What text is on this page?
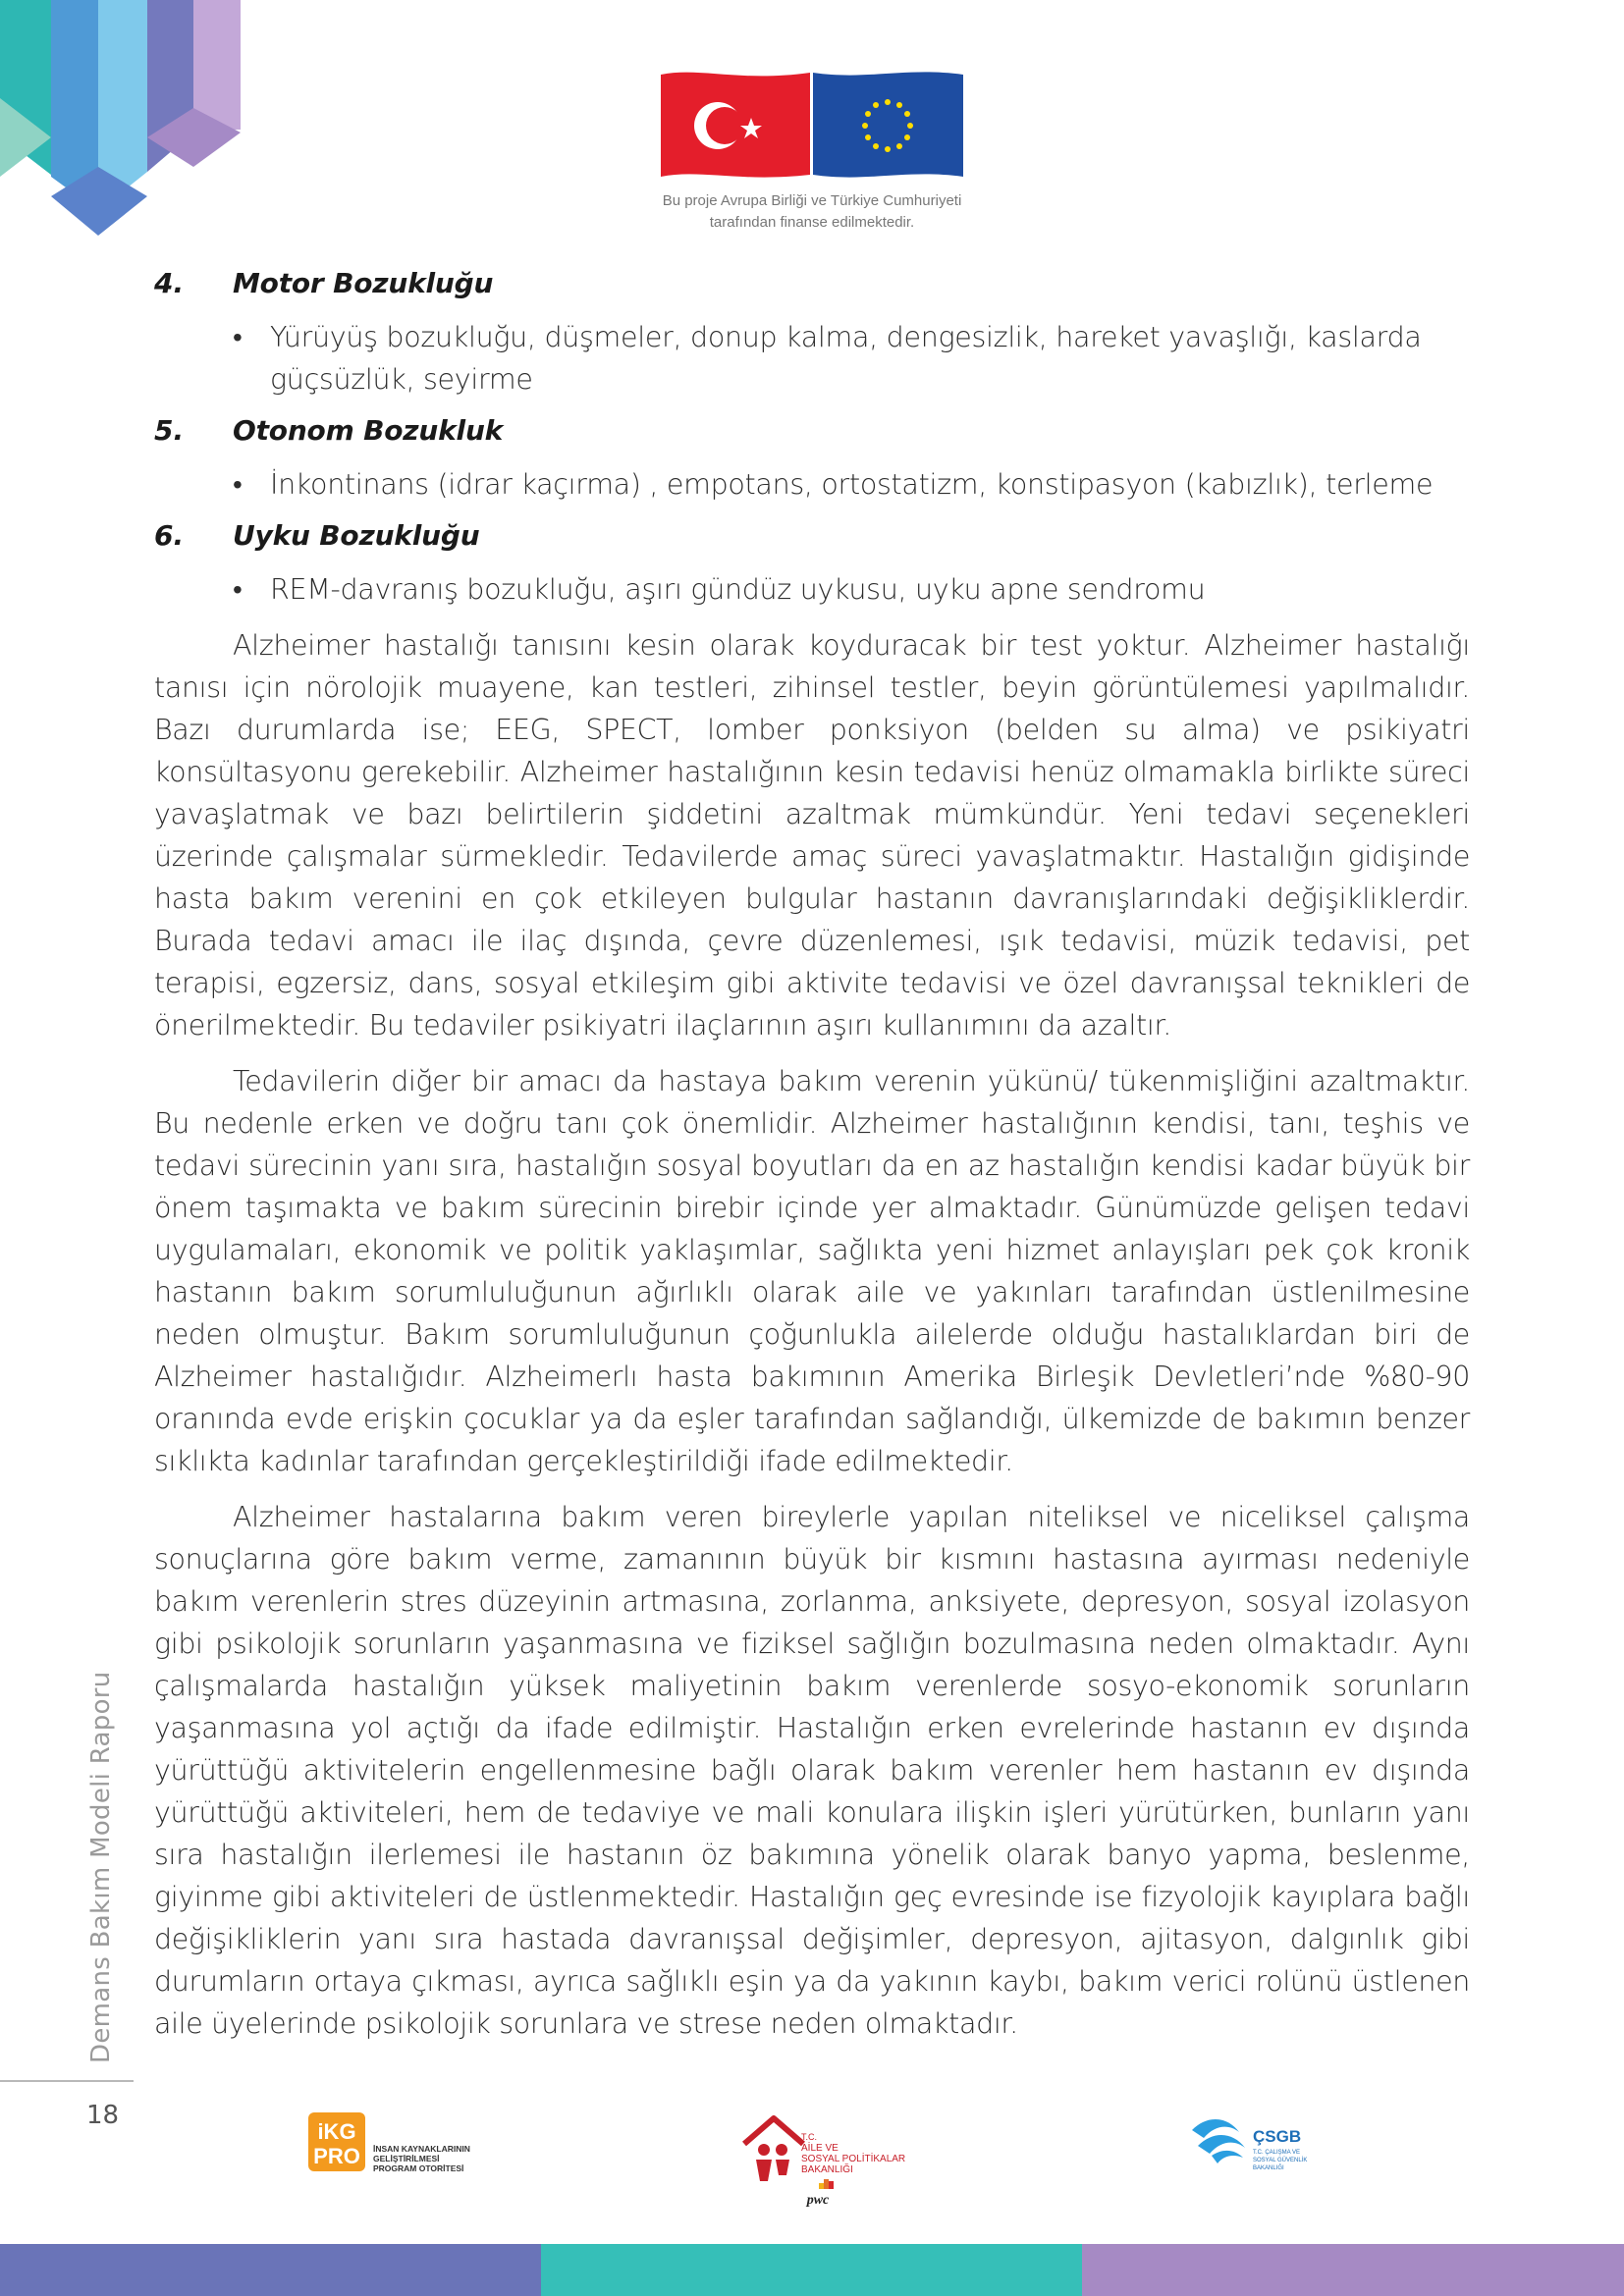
Bu proje Avrupa Birliği ve Türkiye Cumhuriyeti
tarafından finanse edilmektedir.
4.	Motor Bozukluğu
• Yürüyüş bozukluğu, düşmeler, donup kalma, dengesizlik, hareket yavaşlığı, kaslarda güçsüzlük, seyirme
5.	Otonom Bozukluk
• İnkontinans (idrar kaçırma) , empotans, ortostatizm, konstipasyon (kabızlık), terleme
6.	Uyku Bozukluğu
• REM-davranış bozukluğu, aşırı gündüz uykusu, uyku apne sendromu

Alzheimer hastalığı tanısını kesin olarak koyduracak bir test yoktur. Alzheimer hastalığı tanısı için nörolojik muayene, kan testleri, zihinsel testler, beyin görüntülemesi yapılmalıdır. Bazı durumlarda ise; EEG, SPECT, lomber ponksiyon (belden su alma) ve psikiyatri konsültasyonu gerekebilir. Alzheimer hastalığının kesin tedavisi henüz olmamakla birlikte süreci yavaşlatmak ve bazı belirtilerin şiddetini azaltmak mümkündür. Yeni tedavi seçenekleri üzerinde çalışmalar sürmekledir. Tedavilerde amaç süreci yavaşlatmaktır. Hastalığın gidişinde hasta bakım verenini en çok etkileyen bulgular hastanın davranışlarındaki değişikliklerdir. Burada tedavi amacı ile ilaç dışında, çevre düzenlemesi, ışık tedavisi, müzik tedavisi, pet terapisi, egzersiz, dans, sosyal etkileşim gibi aktivite tedavisi ve özel davranışsal teknikleri de önerilmektedir. Bu tedaviler psikiyatri ilaçlarının aşırı kullanımını da azaltır.

Tedavilerin diğer bir amacı da hastaya bakım verenin yükünü/ tükenmişliğini azaltmaktır. Bu nedenle erken ve doğru tanı çok önemlidir. Alzheimer hastalığının kendisi, tanı, teşhis ve tedavi sürecinin yanı sıra, hastalığın sosyal boyutları da en az hastalığın kendisi kadar büyük bir önem taşımakta ve bakım sürecinin birebir içinde yer almaktadır. Günümüzde gelişen tedavi uygulamaları, ekonomik ve politik yaklaşımlar, sağlıkta yeni hizmet anlayışları pek çok kronik hastanın bakım sorumluluğunun ağırlıklı olarak aile ve yakınları tarafından üstlenilmesine neden olmuştur. Bakım sorumluluğunun çoğunlukla ailelerde olduğu hastalıklardan biri de Alzheimer hastalığıdır. Alzheimerlı hasta bakımının Amerika Birleşik Devletleri’nde %80-90 oranında evde erişkin çocuklar ya da eşler tarafından sağlandığı, ülkemizde de bakımın benzer sıklıkta kadınlar tarafından gerçekleştirildiği ifade edilmektedir.

Alzheimer hastalarına bakım veren bireylerle yapılan niteliksel ve niceliksel çalışma sonuçlarına göre bakım verme, zamanının büyük bir kısmını hastasına ayırması nedeniyle bakım verenlerin stres düzeyinin artmasına, zorlanma, anksiyete, depresyon, sosyal izolasyon gibi psikolojik sorunların yaşanmasına ve fiziksel sağlığın bozulmasına neden olmaktadır. Aynı çalışmalarda hastalığın yüksek maliyetinin bakım verenlerde sosyo-ekonomik sorunların yaşanmasına yol açtığı da ifade edilmiştir. Hastalığın erken evrelerinde hastanın ev dışında yürüttüğü aktivitelerin engellenmesine bağlı olarak bakım verenler hem hastanın ev dışında yürüttüğü aktiviteleri, hem de tedaviye ve mali konulara ilişkin işleri yürütürken, bunların yanı sıra hastalığın ilerlemesi ile hastanın öz bakımına yönelik olarak banyo yapma, beslenme, giyinme gibi aktiviteleri de üstlenmektedir. Hastalığın geç evresinde ise fizyolojik kayıplara bağlı değişikliklerin yanı sıra hastada davranışsal değişimler, depresyon, ajitasyon, dalgınlık gibi durumların ortaya çıkması, ayrıca sağlıklı eşin ya da yakının kaybı, bakım verici rolünü üstlenen aile üyelerinde psikolojik sorunlara ve strese neden olmaktadır.

Demans Bakım Modeli Raporu
18
iKG
PRO İNSAN KAYNAKLARININ
GELİŞTİRİLMESİ
PROGRAM OTORİTESİ
T.C.
AİLE VE
SOSYAL POLİTİKALAR
BAKANLIĞI
pwc
ÇSGB
T.C. ÇALIŞMA VE
SOSYAL GÜVENLİK
BAKANLIĞI
